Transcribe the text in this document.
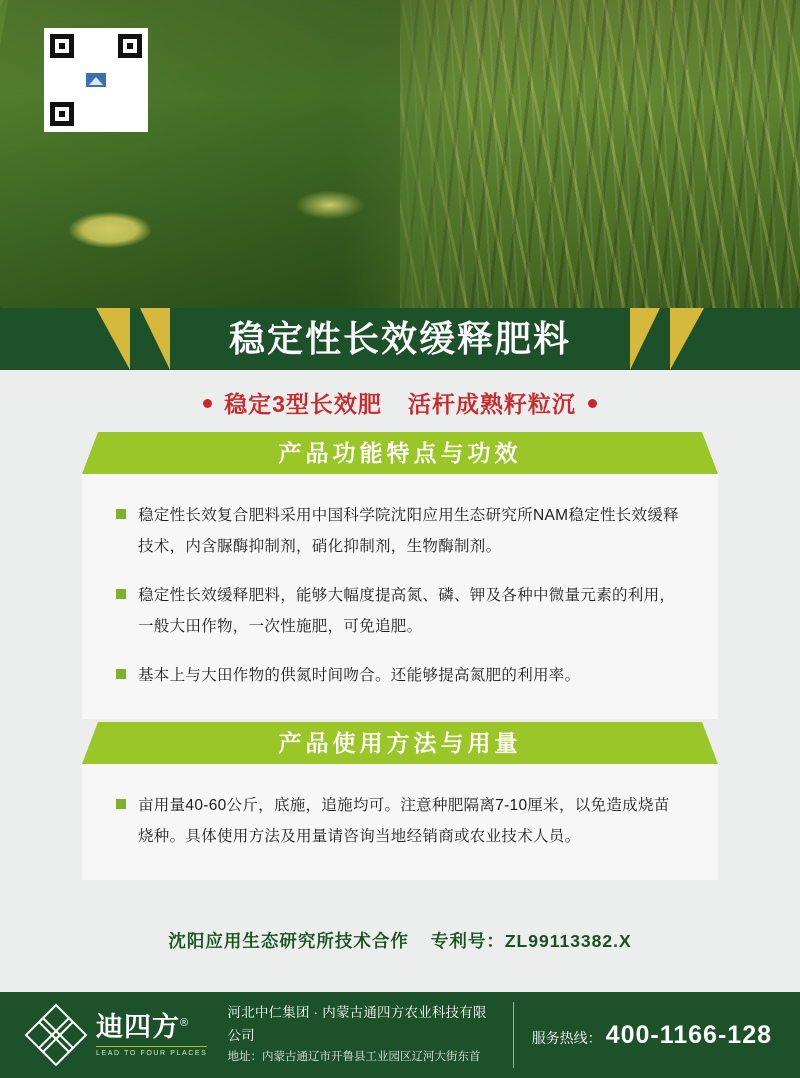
稳定性长效缓释肥料
稳定3型长效肥 活杆成熟籽粒沉
产品功能特点与功效
稳定性长效复合肥料采用中国科学院沈阳应用生态研究所NAM稳定性长效缓释技术，内含脲酶抑制剂，硝化抑制剂，生物酶制剂。
稳定性长效缓释肥料，能够大幅度提高氮、磷、钾及各种中微量元素的利用，一般大田作物，一次性施肥，可免追肥。
基本上与大田作物的供氮时间吻合。还能够提高氮肥的利用率。
产品使用方法与用量
亩用量40-60公斤，底施，追施均可。注意种肥隔离7-10厘米，以免造成烧苗烧种。具体使用方法及用量请咨询当地经销商或农业技术人员。
沈阳应用生态研究所技术合作 专利号：ZL99113382.X
迪四方®
LEAD TO FOUR PLACES
河北中仁集团 · 内蒙古通四方农业科技有限公司
地址：内蒙古通辽市开鲁县工业园区辽河大街东首
服务热线： 400-1166-128
